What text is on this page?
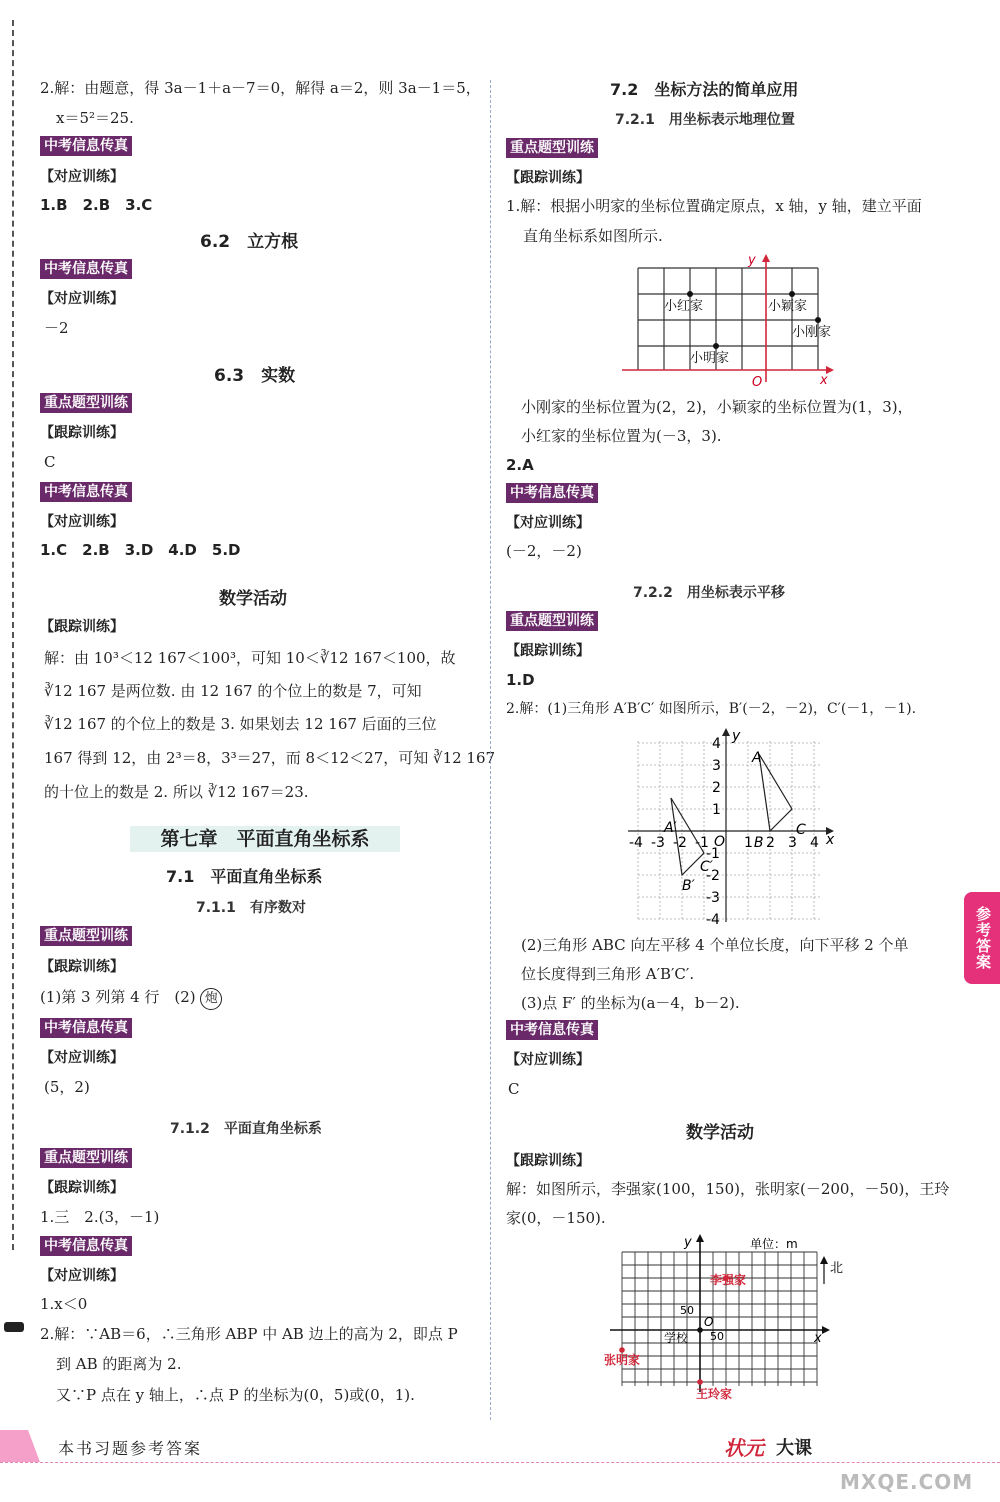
2.解：由题意，得 3a－1＋a－7＝0，解得 a＝2，则 3a－1＝5，
x＝5²＝25.
中考信息传真
【对应训练】
1.B　2.B　3.C
6.2　立方根
中考信息传真
【对应训练】
－2
6.3　实数
重点题型训练
【跟踪训练】
C
中考信息传真
【对应训练】
1.C　2.B　3.D　4.D　5.D
数学活动
【跟踪训练】
解：由 10³＜12 167＜100³，可知 10＜∛12 167＜100，故
∛12 167 是两位数. 由 12 167 的个位上的数是 7，可知
∛12 167 的个位上的数是 3. 如果划去 12 167 后面的三位
167 得到 12，由 2³＝8，3³＝27，而 8＜12＜27，可知 ∛12 167
的十位上的数是 2. 所以 ∛12 167＝23.
第七章　平面直角坐标系
7.1　平面直角坐标系
7.1.1　有序数对
重点题型训练
【跟踪训练】
(1)第 3 列第 4 行　(2) 炮
中考信息传真
【对应训练】
(5，2)
7.1.2　平面直角坐标系
重点题型训练
【跟踪训练】
1.三　2.(3，－1)
中考信息传真
【对应训练】
1.x＜0
2.解：∵AB＝6，∴三角形 ABP 中 AB 边上的高为 2，即点 P
到 AB 的距离为 2.
又∵P 点在 y 轴上，∴点 P 的坐标为(0，5)或(0，1).
7.2　坐标方法的简单应用
7.2.1　用坐标表示地理位置
重点题型训练
【跟踪训练】
1.解：根据小明家的坐标位置确定原点，x 轴，y 轴，建立平面
直角坐标系如图所示.
y
x
O
小红家	小颖家
小刚家
小明家
小刚家的坐标位置为(2，2)，小颖家的坐标位置为(1，3)，
小红家的坐标位置为(－3，3).
2.A
中考信息传真
【对应训练】
(－2，－2)
7.2.2　用坐标表示平移
重点题型训练
【跟踪训练】
1.D
2.解：(1)三角形 A′B′C′ 如图所示，B′(－2，－2)，C′(－1，－1).
-4 -3 -2 -1	1 B 2 3 4
4
3
2
1
-1
-2
-3
-4
y
x
O
A
C
A′
B′
C′
(2)三角形 ABC 向左平移 4 个单位长度，向下平移 2 个单
位长度得到三角形 A′B′C′.
(3)点 F′ 的坐标为(a－4，b－2).
中考信息传真
【对应训练】
C
数学活动
【跟踪训练】
解：如图所示，李强家(100，150)，张明家(－200，－50)，王玲
家(0，－150).
y
x
O
单位：m
北
50
50
李强家
张明家
王玲家
学校
参考答案
本书习题参考答案	状元 大课
MXQE.COM
